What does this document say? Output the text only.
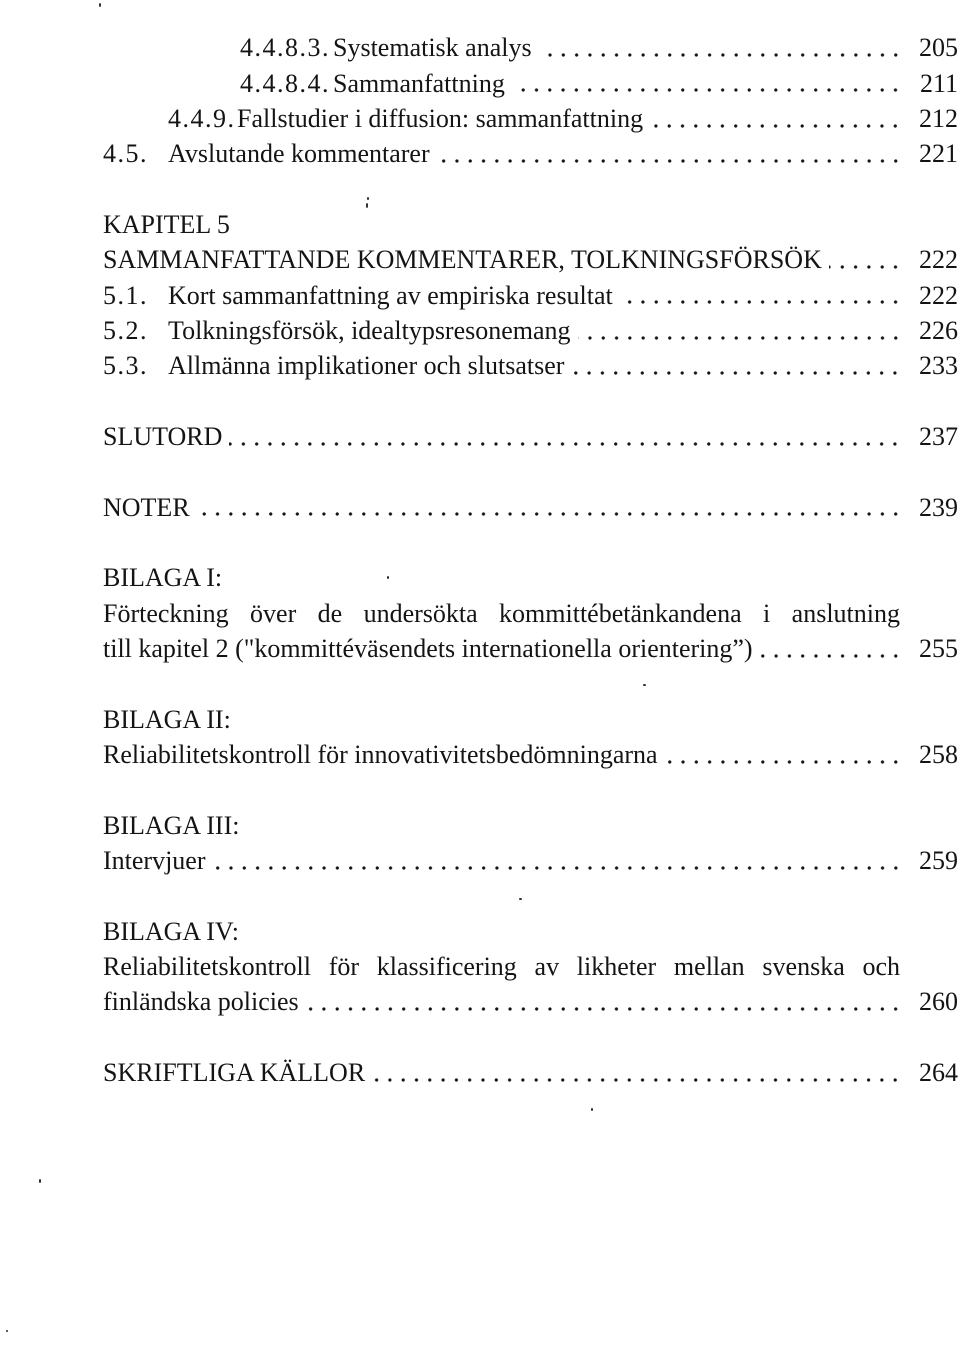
4.4.8.3. Systematisk analys	205
4.4.8.4. Sammanfattning	211
4.4.9. Fallstudier i diffusion: sammanfattning	212
4.5. Avslutande kommentarer	221
KAPITEL 5
SAMMANFATTANDE KOMMENTARER, TOLKNINGSFÖRSÖK	222
5.1. Kort sammanfattning av empiriska resultat	222
5.2. Tolkningsförsök, idealtypsresonemang	226
5.3. Allmänna implikationer och slutsatser	233
SLUTORD	237
NOTER	239
BILAGA I:
Förteckning över de undersökta kommittébetänkandena i anslutning
till kapitel 2 ("kommittéväsendets internationella orientering”)	255
BILAGA II:
Reliabilitetskontroll för innovativitetsbedömningarna	258
BILAGA III:
Intervjuer	259
BILAGA IV:
Reliabilitetskontroll för klassificering av likheter mellan svenska och
finländska policies	260
SKRIFTLIGA KÄLLOR	264
